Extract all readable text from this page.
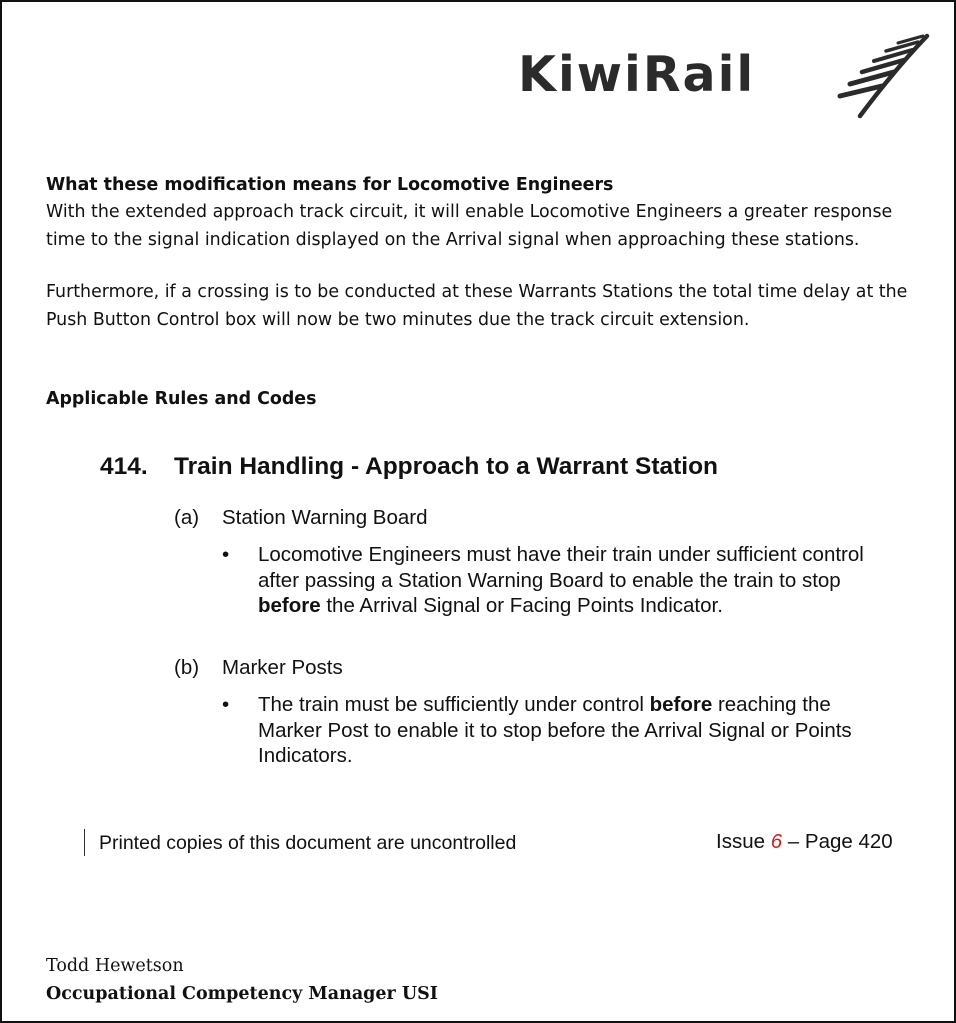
KiwiRail

What these modification means for Locomotive Engineers

With the extended approach track circuit, it will enable Locomotive Engineers a greater response

time to the signal indication displayed on the Arrival signal when approaching these stations.

Furthermore, if a crossing is to be conducted at these Warrants Stations the total time delay at the

Push Button Control box will now be two minutes due the track circuit extension.

Applicable Rules and Codes

414. Train Handling - Approach to a Warrant Station
(a) Station Warning Board
•	Locomotive Engineers must have their train under sufficient control
after passing a Station Warning Board to enable the train to stop
before the Arrival Signal or Facing Points Indicator.
(b) Marker Posts
•	The train must be sufficiently under control before reaching the
Marker Post to enable it to stop before the Arrival Signal or Points
Indicators.
Printed copies of this document are uncontrolled	Issue 6 – Page 420
Todd Hewetson
Occupational Competency Manager USI
